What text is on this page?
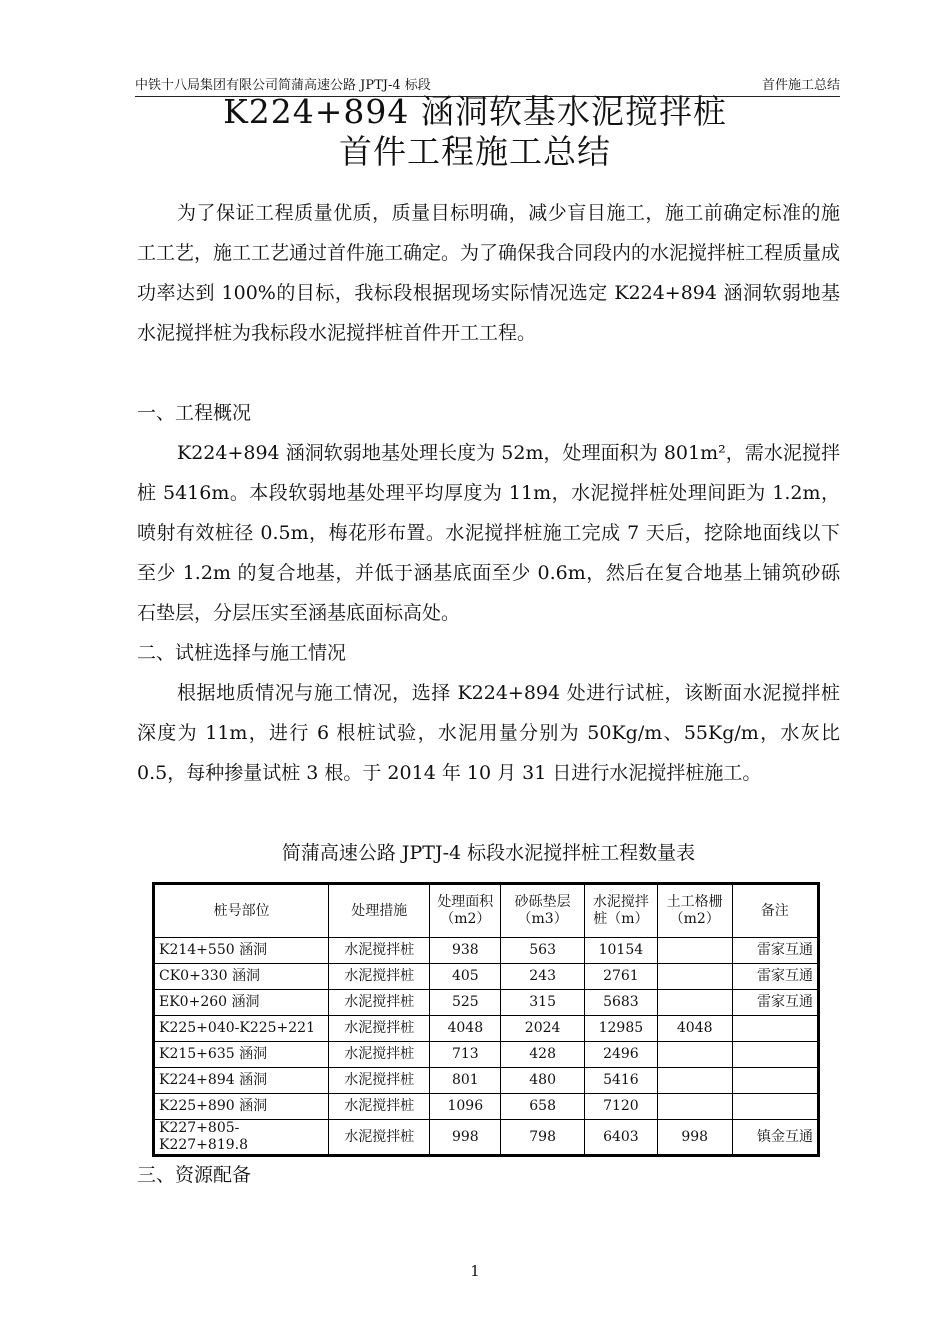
中铁十八局集团有限公司简蒲高速公路 JPTJ-4 标段	首件施工总结
K224+894 涵洞软基水泥搅拌桩
首件工程施工总结

为了保证工程质量优质，质量目标明确，减少盲目施工，施工前确定标准的施工工艺，施工工艺通过首件施工确定。为了确保我合同段内的水泥搅拌桩工程质量成功率达到 100%的目标，我标段根据现场实际情况选定 K224+894 涵洞软弱地基水泥搅拌桩为我标段水泥搅拌桩首件开工工程。

一、工程概况

K224+894 涵洞软弱地基处理长度为 52m，处理面积为 801m²，需水泥搅拌桩 5416m。本段软弱地基处理平均厚度为 11m，水泥搅拌桩处理间距为 1.2m，喷射有效桩径 0.5m，梅花形布置。水泥搅拌桩施工完成 7 天后，挖除地面线以下至少 1.2m 的复合地基，并低于涵基底面至少 0.6m，然后在复合地基上铺筑砂砾石垫层，分层压实至涵基底面标高处。

二、试桩选择与施工情况

根据地质情况与施工情况，选择 K224+894 处进行试桩，该断面水泥搅拌桩深度为 11m，进行 6 根桩试验，水泥用量分别为 50Kg/m、55Kg/m，水灰比 0.5，每种掺量试桩 3 根。于 2014 年 10 月 31 日进行水泥搅拌桩施工。

简蒲高速公路 JPTJ-4 标段水泥搅拌桩工程数量表
桩号部位	处理措施	处理面积（m2）	砂砾垫层（m3）	水泥搅拌桩（m）	土工格栅（m2）	备注
K214+550 涵洞	水泥搅拌桩	938	563	10154		雷家互通
CK0+330 涵洞	水泥搅拌桩	405	243	2761		雷家互通
EK0+260 涵洞	水泥搅拌桩	525	315	5683		雷家互通
K225+040-K225+221	水泥搅拌桩	4048	2024	12985	4048	
K215+635 涵洞	水泥搅拌桩	713	428	2496		
K224+894 涵洞	水泥搅拌桩	801	480	5416		
K225+890 涵洞	水泥搅拌桩	1096	658	7120		
K227+805-K227+819.8	水泥搅拌桩	998	798	6403	998	镇金互通
三、资源配备
1
